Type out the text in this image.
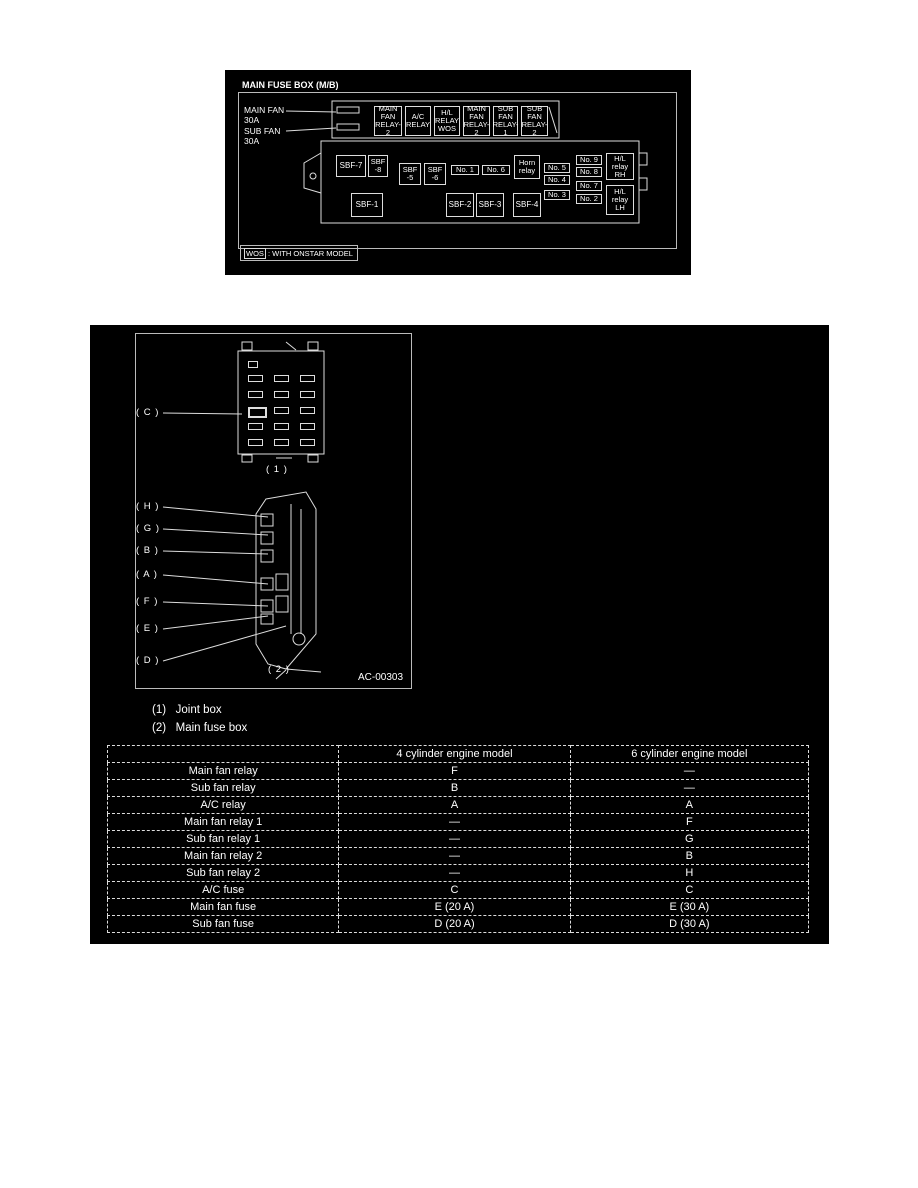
MAIN FUSE BOX (M/B)
MAIN FAN
30A
SUB FAN
30A
MAIN
FAN
RELAY-2
A/C
RELAY
H/L
RELAY
WOS
MAIN
FAN
RELAY-2
SUB
FAN
RELAY-1
SUB
FAN
RELAY-2
SBF-7	SBF
-8	SBF
-5
SBF
-6
No. 1	No. 6
Horn
relay	No. 5
No. 4
No. 3
No. 9
No. 8
No. 7
No. 2
H/L
relay
RH
H/L
relay
LH
SBF-1	SBF-2 SBF-3	SBF-4
WOS : WITH ONSTAR MODEL
( C )
( 1 )
( H )
( G )
( B )
( A )
( F )
( E )
( D )
( 2 )
AC-00303
(1) Joint box
(2) Main fuse box
	4 cylinder engine model	6 cylinder engine model
Main fan relay	F	—
Sub fan relay	B	—
A/C relay	A	A
Main fan relay 1	—	F
Sub fan relay 1	—	G
Main fan relay 2	—	B
Sub fan relay 2	—	H
A/C fuse	C	C
Main fan fuse	E (20 A)	E (30 A)
Sub fan fuse	D (20 A)	D (30 A)
